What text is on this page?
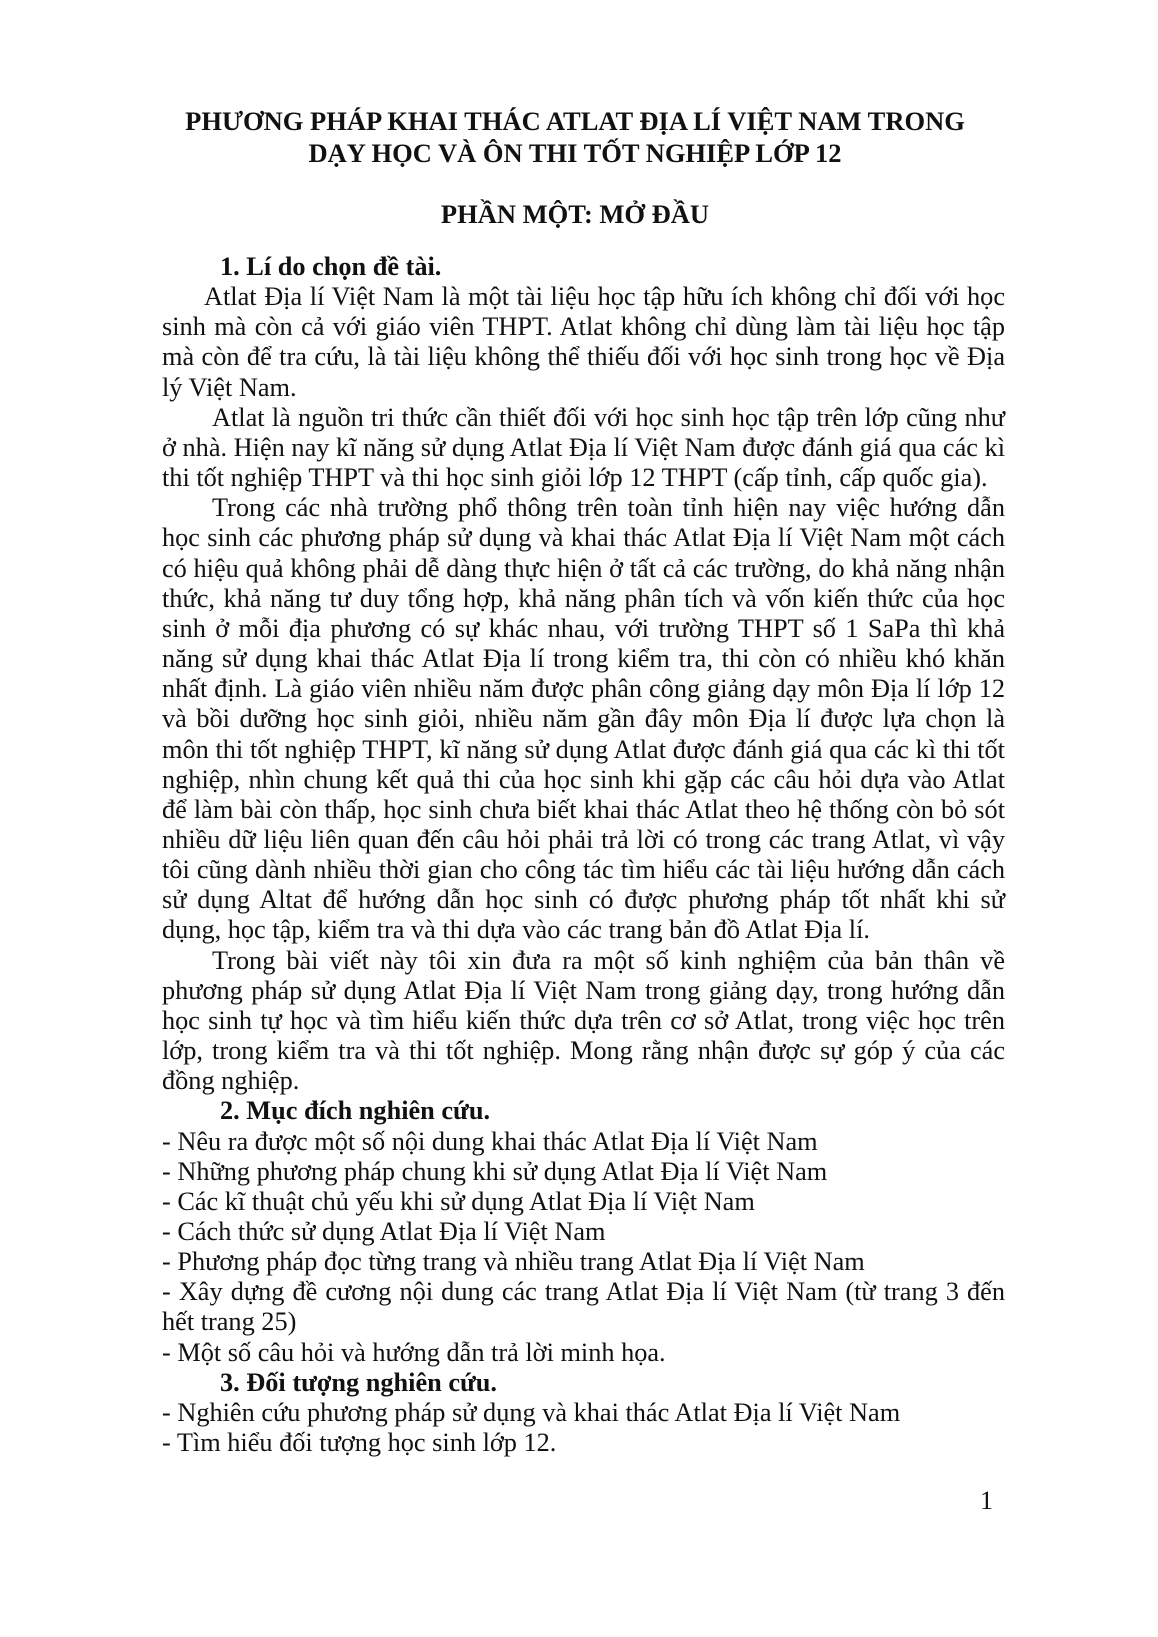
PHƯƠNG PHÁP KHAI THÁC ATLAT ĐỊA LÍ VIỆT NAM TRONG
DẠY HỌC VÀ ÔN THI TỐT NGHIỆP LỚP 12
PHẦN MỘT: MỞ ĐẦU

1. Lí do chọn đề tài.

Atlat Địa lí Việt Nam là một tài liệu học tập hữu ích không chỉ đối với học sinh mà còn cả với giáo viên THPT. Atlat không chỉ dùng làm tài liệu học tập mà còn để tra cứu, là tài liệu không thể thiếu đối với học sinh trong học về Địa lý Việt Nam.

Atlat là nguồn tri thức cần thiết đối với học sinh học tập trên lớp cũng như ở nhà. Hiện nay kĩ năng sử dụng Atlat Địa lí Việt Nam được đánh giá qua các kì thi tốt nghiệp THPT và thi học sinh giỏi lớp 12 THPT (cấp tỉnh, cấp quốc gia).

Trong các nhà trường phổ thông trên toàn tỉnh hiện nay việc hướng dẫn học sinh các phương pháp sử dụng và khai thác Atlat Địa lí Việt Nam một cách có hiệu quả không phải dễ dàng thực hiện ở tất cả các trường, do khả năng nhận thức, khả năng tư duy tổng hợp, khả năng phân tích và vốn kiến thức của học sinh ở mỗi địa phương có sự khác nhau, với trường THPT số 1 SaPa thì khả năng sử dụng khai thác Atlat Địa lí trong kiểm tra, thi còn có nhiều khó khăn nhất định. Là giáo viên nhiều năm được phân công giảng dạy môn Địa lí lớp 12 và bồi dưỡng học sinh giỏi, nhiều năm gần đây môn Địa lí được lựa chọn là môn thi tốt nghiệp THPT, kĩ năng sử dụng Atlat được đánh giá qua các kì thi tốt nghiệp, nhìn chung kết quả thi của học sinh khi gặp các câu hỏi dựa vào Atlat để làm bài còn thấp, học sinh chưa biết khai thác Atlat theo hệ thống còn bỏ sót nhiều dữ liệu liên quan đến câu hỏi phải trả lời có trong các trang Atlat, vì vậy tôi cũng dành nhiều thời gian cho công tác tìm hiểu các tài liệu hướng dẫn cách sử dụng Altat để hướng dẫn học sinh có được phương pháp tốt nhất khi sử dụng, học tập, kiểm tra và thi dựa vào các trang bản đồ Atlat Địa lí.

Trong bài viết này tôi xin đưa ra một số kinh nghiệm của bản thân về phương pháp sử dụng Atlat Địa lí Việt Nam trong giảng dạy, trong hướng dẫn học sinh tự học và tìm hiểu kiến thức dựa trên cơ sở Atlat, trong việc học trên lớp, trong kiểm tra và thi tốt nghiệp. Mong rằng nhận được sự góp ý của các đồng nghiệp.

2. Mục đích nghiên cứu.

- Nêu ra được một số nội dung khai thác Atlat Địa lí Việt Nam

- Những phương pháp chung khi sử dụng Atlat Địa lí Việt Nam

- Các kĩ thuật chủ yếu khi sử dụng Atlat Địa lí Việt Nam

- Cách thức sử dụng Atlat Địa lí Việt Nam

- Phương pháp đọc từng trang và nhiều trang Atlat Địa lí Việt Nam

- Xây dựng đề cương nội dung các trang Atlat Địa lí Việt Nam (từ trang 3 đến hết trang 25)

- Một số câu hỏi và hướng dẫn trả lời minh họa.

3. Đối tượng nghiên cứu.

- Nghiên cứu phương pháp sử dụng và khai thác Atlat Địa lí Việt Nam

- Tìm hiểu đối tượng học sinh lớp 12.

1
